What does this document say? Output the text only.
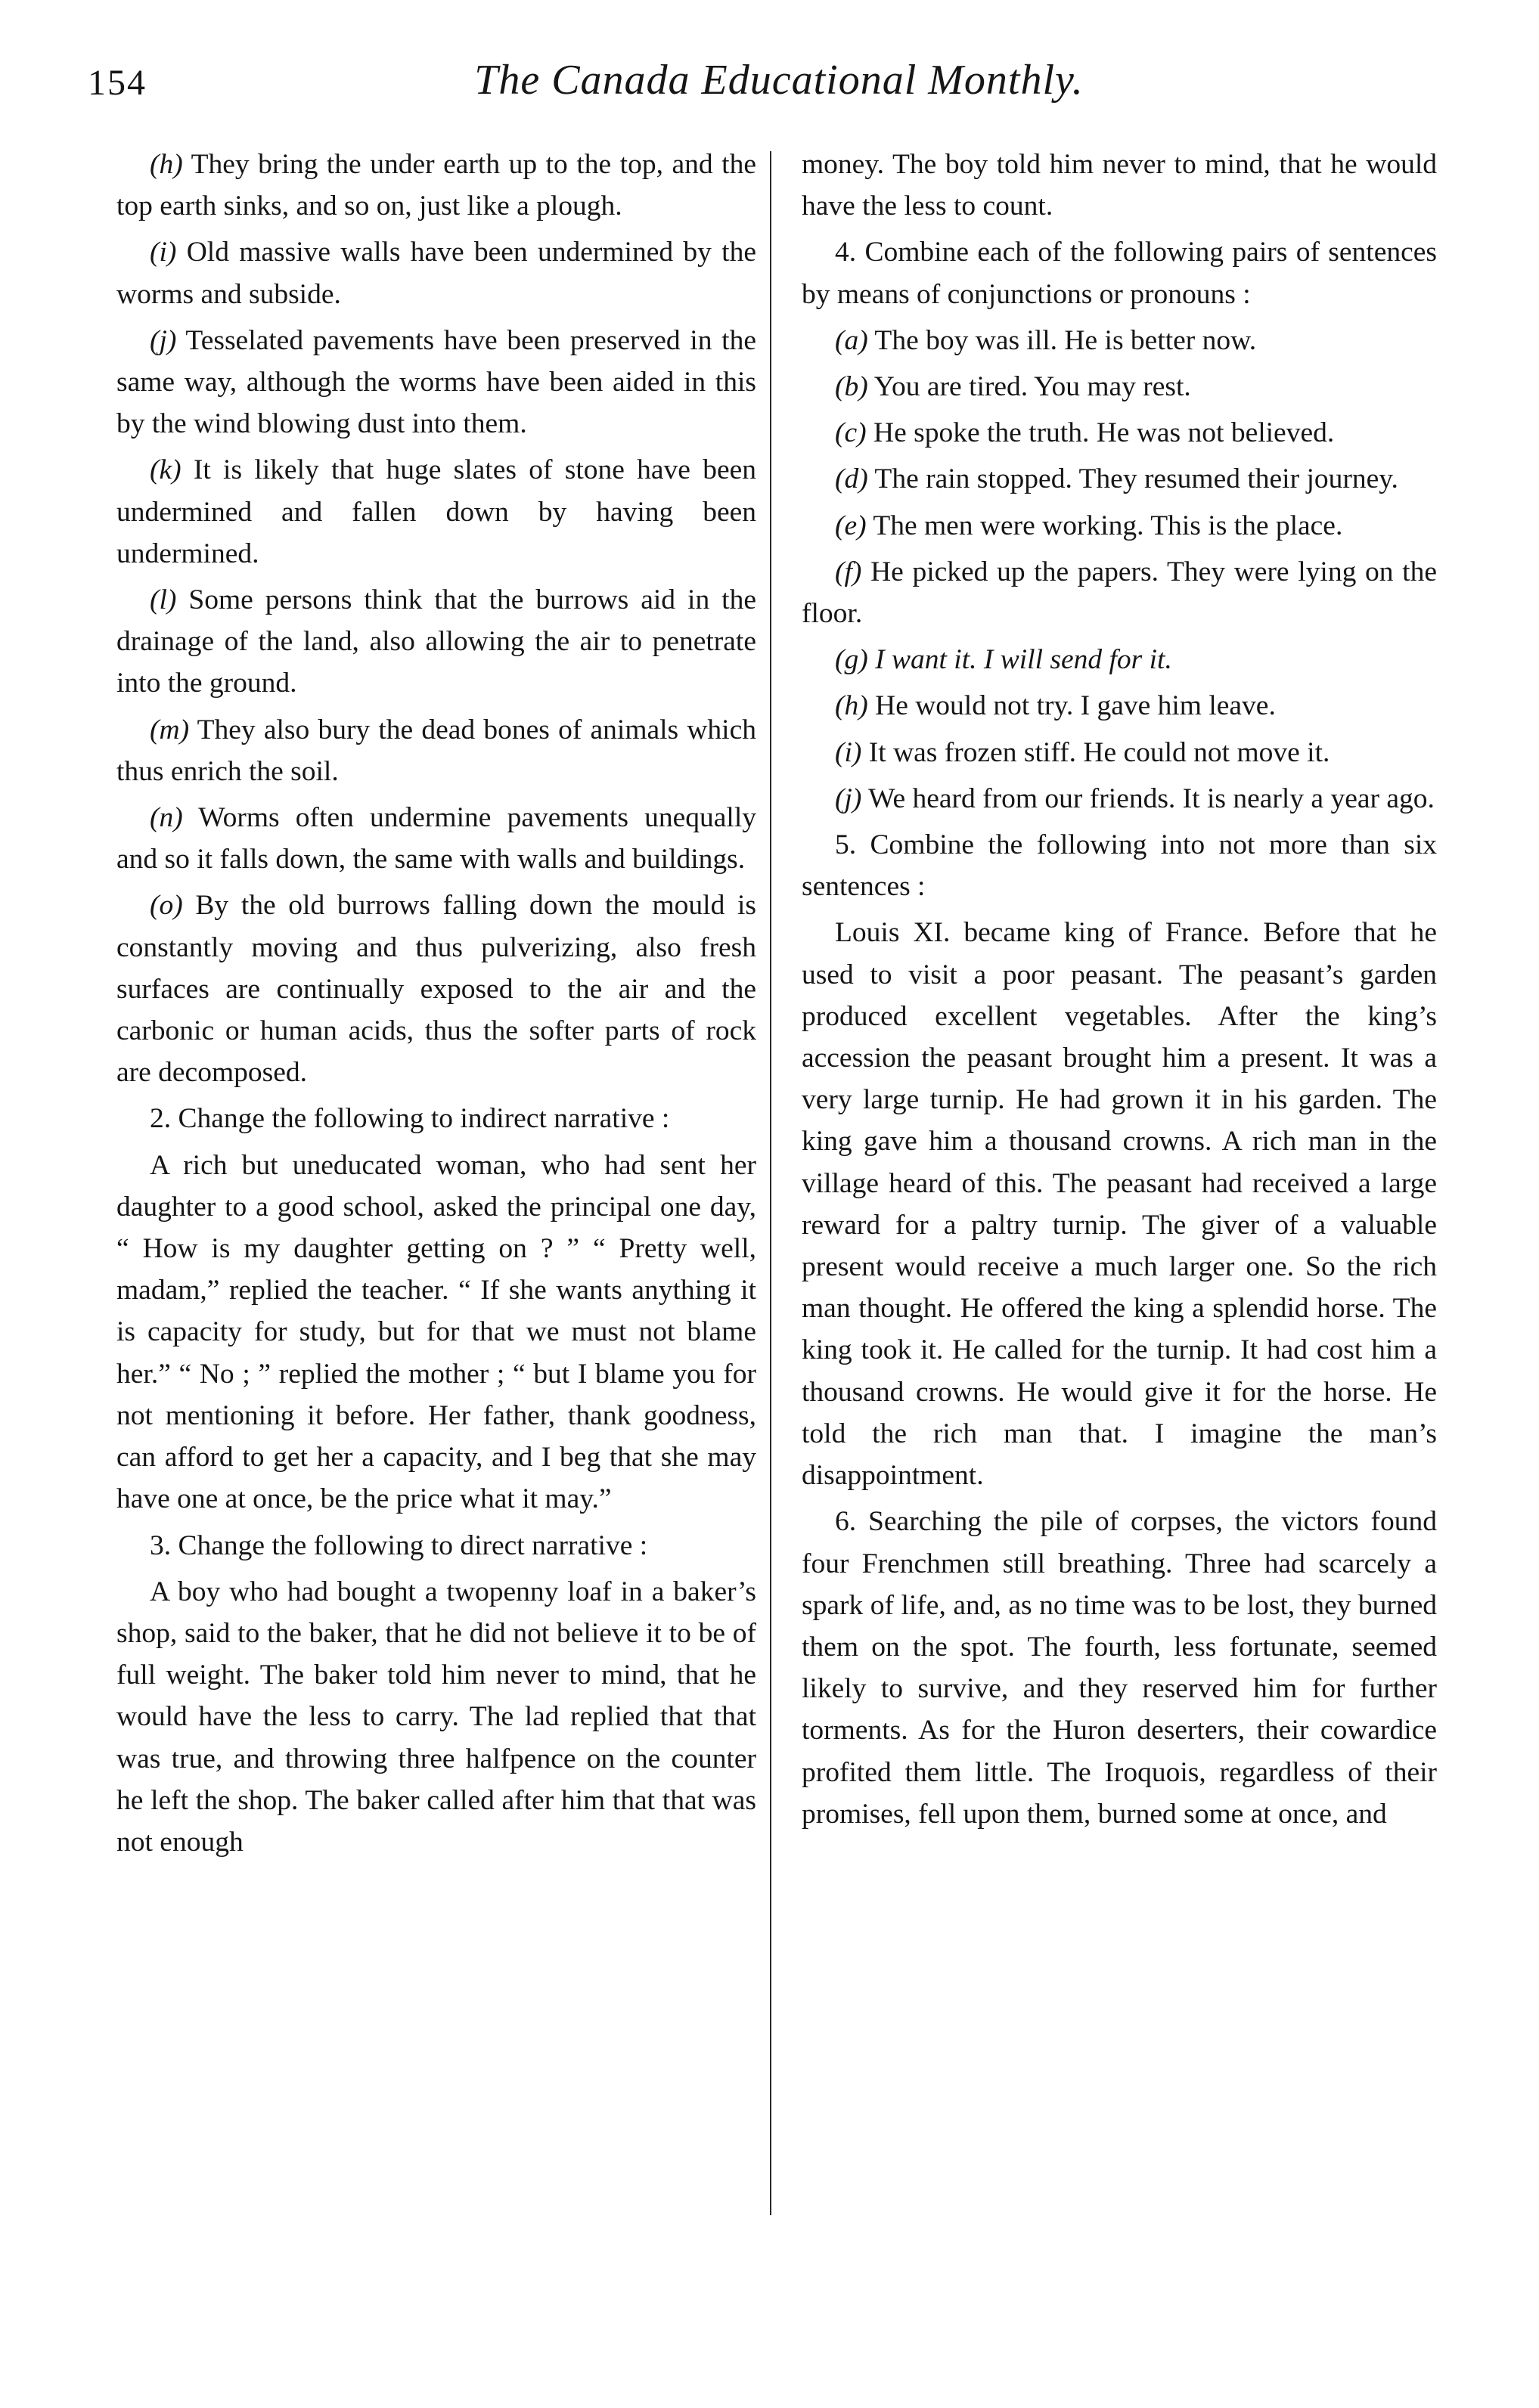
154	The Canada Educational Monthly.

(h) They bring the under earth up to the top, and the top earth sinks, and so on, just like a plough.

(i) Old massive walls have been undermined by the worms and subside.

(j) Tesselated pavements have been preserved in the same way, although the worms have been aided in this by the wind blowing dust into them.

(k) It is likely that huge slates of stone have been undermined and fallen down by having been undermined.

(l) Some persons think that the burrows aid in the drainage of the land, also allowing the air to penetrate into the ground.

(m) They also bury the dead bones of animals which thus enrich the soil.

(n) Worms often undermine pavements unequally and so it falls down, the same with walls and buildings.

(o) By the old burrows falling down the mould is constantly moving and thus pulverizing, also fresh surfaces are continually exposed to the air and the carbonic or human acids, thus the softer parts of rock are decomposed.

2. Change the following to indirect narrative :

A rich but uneducated woman, who had sent her daughter to a good school, asked the principal one day, “ How is my daughter getting on ? ” “ Pretty well, madam,” replied the teacher. “ If she wants anything it is capacity for study, but for that we must not blame her.” “ No ; ” replied the mother ; “ but I blame you for not mentioning it before. Her father, thank goodness, can afford to get her a capacity, and I beg that she may have one at once, be the price what it may.”

3. Change the following to direct narrative :

A boy who had bought a twopenny loaf in a baker’s shop, said to the baker, that he did not believe it to be of full weight. The baker told him never to mind, that he would have the less to carry. The lad replied that that was true, and throwing three halfpence on the counter he left the shop. The baker called after him that that was not enough

money. The boy told him never to mind, that he would have the less to count.

4. Combine each of the following pairs of sentences by means of conjunctions or pronouns :

(a) The boy was ill. He is better now.

(b) You are tired. You may rest.

(c) He spoke the truth. He was not believed.

(d) The rain stopped. They resumed their journey.

(e) The men were working. This is the place.

(f) He picked up the papers. They were lying on the floor.

(g) I want it. I will send for it.

(h) He would not try. I gave him leave.

(i) It was frozen stiff. He could not move it.

(j) We heard from our friends. It is nearly a year ago.

5. Combine the following into not more than six sentences :

Louis XI. became king of France. Before that he used to visit a poor peasant. The peasant’s garden produced excellent vegetables. After the king’s accession the peasant brought him a present. It was a very large turnip. He had grown it in his garden. The king gave him a thousand crowns. A rich man in the village heard of this. The peasant had received a large reward for a paltry turnip. The giver of a valuable present would receive a much larger one. So the rich man thought. He offered the king a splendid horse. The king took it. He called for the turnip. It had cost him a thousand crowns. He would give it for the horse. He told the rich man that. I imagine the man’s disappointment.

6. Searching the pile of corpses, the victors found four Frenchmen still breathing. Three had scarcely a spark of life, and, as no time was to be lost, they burned them on the spot. The fourth, less fortunate, seemed likely to survive, and they reserved him for further torments. As for the Huron deserters, their cowardice profited them little. The Iroquois, regardless of their promises, fell upon them, burned some at once, and
